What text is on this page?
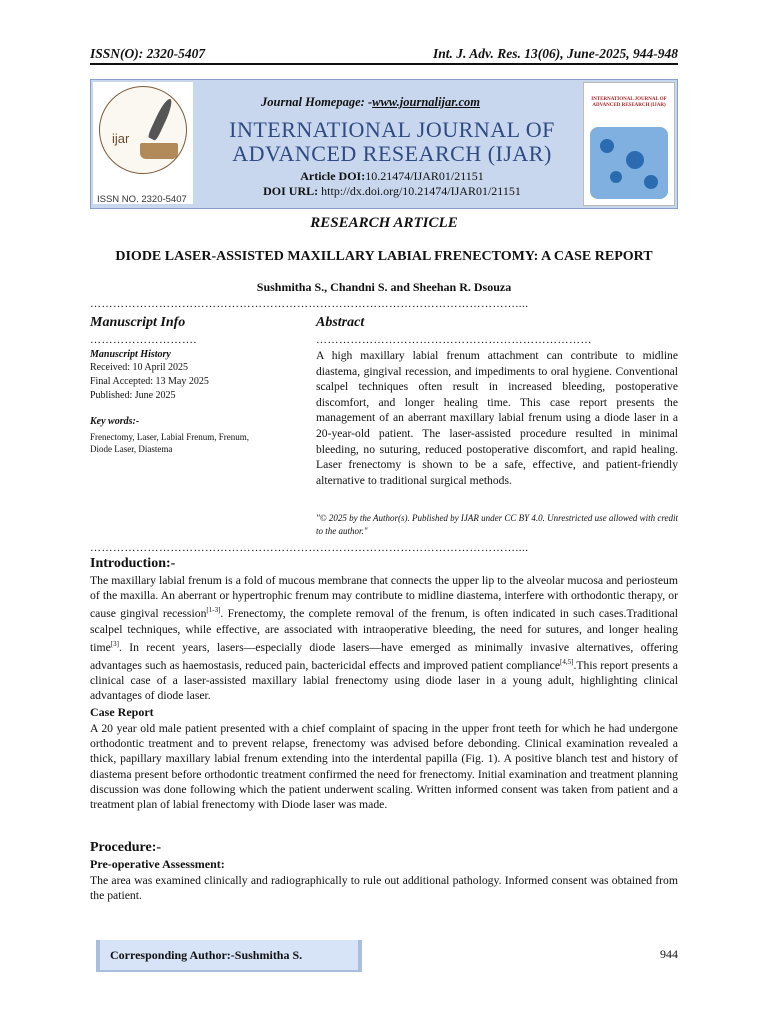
ISSN(O): 2320-5407	Int. J. Adv. Res. 13(06), June-2025, 944-948
ijar
ISSN NO. 2320-5407
Journal Homepage: -www.journalijar.com
INTERNATIONAL JOURNAL OF
ADVANCED RESEARCH (IJAR)
Article DOI:10.21474/IJAR01/21151
DOI URL: http://dx.doi.org/10.21474/IJAR01/21151
INTERNATIONAL JOURNAL OF ADVANCED RESEARCH (IJAR)
RESEARCH ARTICLE
DIODE LASER-ASSISTED MAXILLARY LABIAL FRENECTOMY: A CASE REPORT
Sushmitha S., Chandni S. and Sheehan R. Dsouza
…………………………………………………………………………………………………....
Manuscript Info	Abstract
……………………….	………………………………………………………………
Manuscript History
Received: 10 April 2025
Final Accepted: 13 May 2025
Published: June 2025
Key words:-
Frenectomy, Laser, Labial Frenum, Frenum, Diode Laser, Diastema
A high maxillary labial frenum attachment can contribute to midline diastema, gingival recession, and impediments to oral hygiene. Conventional scalpel techniques often result in increased bleeding, postoperative discomfort, and longer healing time. This case report presents the management of an aberrant maxillary labial frenum using a diode laser in a 20-year-old patient. The laser-assisted procedure resulted in minimal bleeding, no suturing, reduced postoperative discomfort, and rapid healing. Laser frenectomy is shown to be a safe, effective, and patient-friendly alternative to traditional surgical methods.
"© 2025 by the Author(s). Published by IJAR under CC BY 4.0. Unrestricted use allowed with credit to the author."
…………………………………………………………………………………………………....
Introduction:-
The maxillary labial frenum is a fold of mucous membrane that connects the upper lip to the alveolar mucosa and periosteum of the maxilla. An aberrant or hypertrophic frenum may contribute to midline diastema, interfere with orthodontic therapy, or cause gingival recession[1-3]. Frenectomy, the complete removal of the frenum, is often indicated in such cases.Traditional scalpel techniques, while effective, are associated with intraoperative bleeding, the need for sutures, and longer healing time[3]. In recent years, lasers—especially diode lasers—have emerged as minimally invasive alternatives, offering advantages such as haemostasis, reduced pain, bactericidal effects and improved patient compliance[4,5].This report presents a clinical case of a laser-assisted maxillary labial frenectomy using diode laser in a young adult, highlighting clinical advantages of diode laser.
Case Report
A 20 year old male patient presented with a chief complaint of spacing in the upper front teeth for which he had undergone orthodontic treatment and to prevent relapse, frenectomy was advised before debonding. Clinical examination revealed a thick, papillary maxillary labial frenum extending into the interdental papilla (Fig. 1). A positive blanch test and history of diastema present before orthodontic treatment confirmed the need for frenectomy. Initial examination and treatment planning discussion was done following which the patient underwent scaling. Written informed consent was taken from patient and a treatment plan of labial frenectomy with Diode laser was made.
Procedure:-
Pre-operative Assessment:
The area was examined clinically and radiographically to rule out additional pathology. Informed consent was obtained from the patient.
Corresponding Author:-Sushmitha S.	944
